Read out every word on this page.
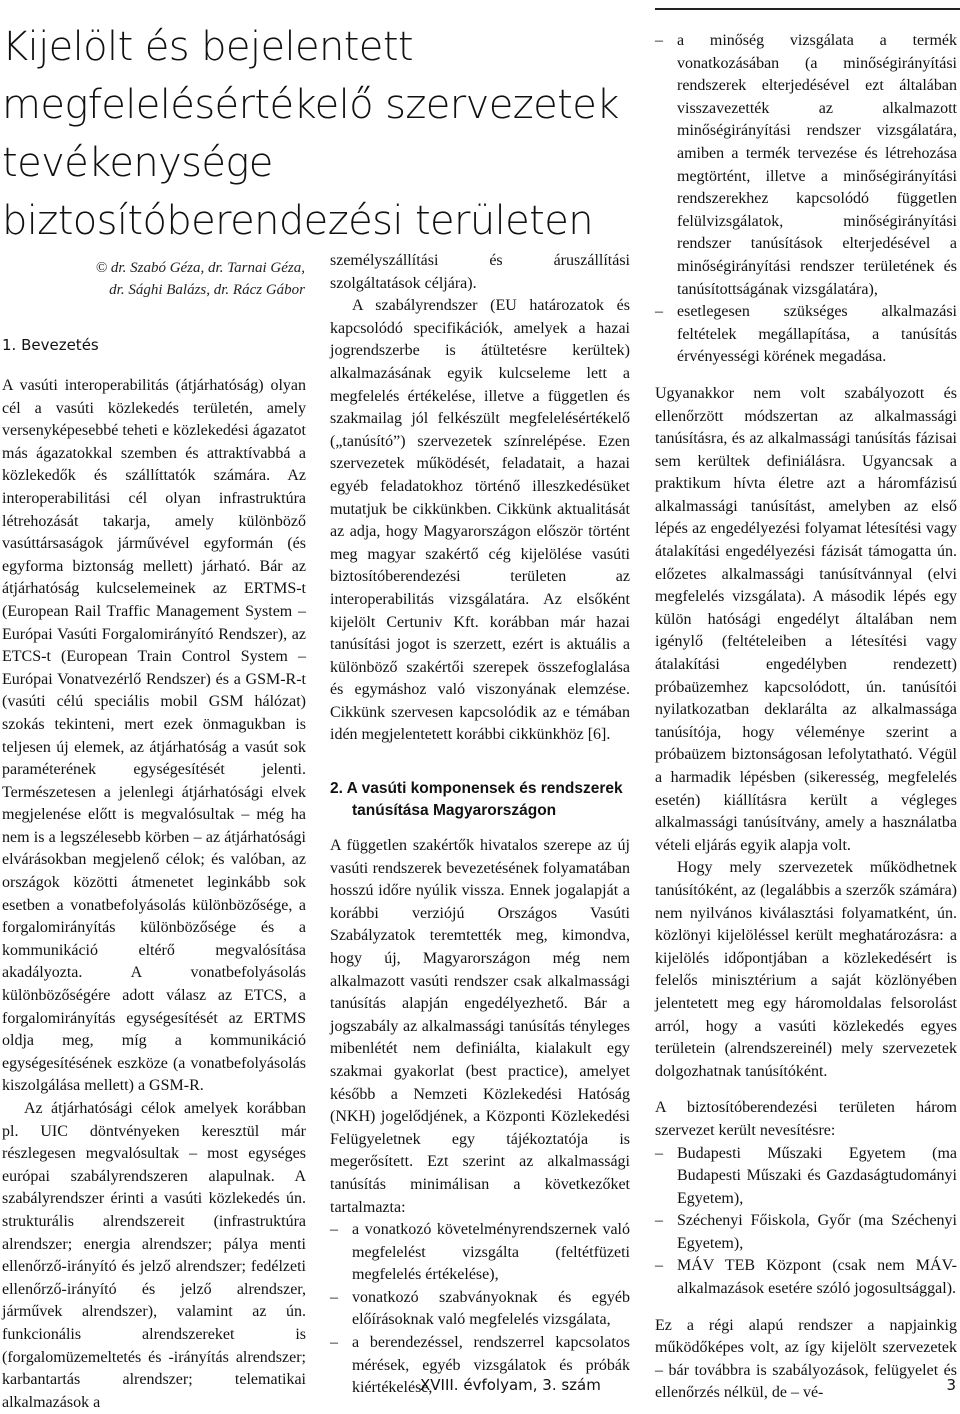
Kijelölt és bejelentett
megfelelésértékelő szervezetek
tevékenysége
biztosítóberendezési területen
© dr. Szabó Géza, dr. Tarnai Géza,
dr. Sághi Balázs, dr. Rácz Gábor
1. Bevezetés

A vasúti interoperabilitás (átjárhatóság) olyan cél a vasúti közlekedés területén, amely versenyképesebbé teheti e közlekedési ágazatot más ágazatokkal szemben és attraktívabbá a közlekedők és szállíttatók számára. Az interoperabilitási cél olyan infrastruktúra létrehozását takarja, amely különböző vasúttársaságok járművével egyformán (és egyforma biztonság mellett) járható. Bár az átjárhatóság kulcselemeinek az ERTMS-t (European Rail Traffic Management System – Európai Vasúti Forgalomirányító Rendszer), az ETCS-t (European Train Control System – Európai Vonatvezérlő Rendszer) és a GSM-R-t (vasúti célú speciális mobil GSM hálózat) szokás tekinteni, mert ezek önmagukban is teljesen új elemek, az átjárhatóság a vasút sok paraméterének egységesítését jelenti. Természetesen a jelenlegi átjárhatósági elvek megjelenése előtt is megvalósultak – még ha nem is a legszélesebb körben – az átjárhatósági elvárásokban megjelenő célok; és valóban, az országok közötti átmenetet leginkább sok esetben a vonatbefolyásolás különbözősége, a forgalomirányítás különbözősége és a kommunikáció eltérő megvalósítása akadályozta. A vonatbefolyásolás különbözőségére adott válasz az ETCS, a forgalomirányítás egységesítését az ERTMS oldja meg, míg a kommunikáció egységesítésének eszköze (a vonatbefolyásolás kiszolgálása mellett) a GSM-R.

Az átjárhatósági célok amelyek korábban pl. UIC döntvényeken keresztül már részlegesen megvalósultak – most egységes európai szabályrendszeren alapulnak. A szabályrendszer érinti a vasúti közlekedés ún. strukturális alrendszereit (infrastruktúra alrendszer; energia alrendszer; pálya menti ellenőrző-irányító és jelző alrendszer; fedélzeti ellenőrző-irányító és jelző alrendszer, járművek alrendszer), valamint az ún. funkcionális alrendszereket is (forgalomüzemeltetés és -irányítás alrendszer; karbantartás alrendszer; telematikai alkalmazások a

személyszállítási és áruszállítási szolgáltatások céljára).

A szabályrendszer (EU határozatok és kapcsolódó specifikációk, amelyek a hazai jogrendszerbe is átültetésre kerültek) alkalmazásának egyik kulcseleme lett a megfelelés értékelése, illetve a független és szakmailag jól felkészült megfelelésértékelő („tanúsító”) szervezetek színrelépése. Ezen szervezetek működését, feladatait, a hazai egyéb feladatokhoz történő illeszkedésüket mutatjuk be cikkünkben. Cikkünk aktualitását az adja, hogy Magyarországon először történt meg magyar szakértő cég kijelölése vasúti biztosítóberendezési területen az interoperabilitás vizsgálatára. Az elsőként kijelölt Certuniv Kft. korábban már hazai tanúsítási jogot is szerzett, ezért is aktuális a különböző szakértői szerepek összefoglalása és egymáshoz való viszonyának elemzése. Cikkünk szervesen kapcsolódik az e témában idén megjelentetett korábbi cikkünkhöz [6].

2. A vasúti komponensek és rendszerek
tanúsítása Magyarországon

A független szakértők hivatalos szerepe az új vasúti rendszerek bevezetésének folyamatában hosszú időre nyúlik vissza. Ennek jogalapját a korábbi verziójú Országos Vasúti Szabályzatok teremtették meg, kimondva, hogy új, Magyarországon még nem alkalmazott vasúti rendszer csak alkalmassági tanúsítás alapján engedélyezhető. Bár a jogszabály az alkalmassági tanúsítás tényleges mibenlétét nem definiálta, kialakult egy szakmai gyakorlat (best practice), amelyet később a Nemzeti Közlekedési Hatóság (NKH) jogelődjének, a Központi Közlekedési Felügyeletnek egy tájékoztatója is megerősített. Ezt szerint az alkalmassági tanúsítás minimálisan a következőket tartalmazta:

– a vonatkozó követelményrendszernek való megfelelést vizsgálta (feltétfüzeti megfelelés értékelése),
– vonatkozó szabványoknak és egyéb előírásoknak való megfelelés vizsgálata,
– a berendezéssel, rendszerrel kapcsolatos mérések, egyéb vizsgálatok és próbák kiértékelése,
– a minőség vizsgálata a termék vonatkozásában (a minőségirányítási rendszerek elterjedésével ezt általában visszavezették az alkalmazott minőségirányítási rendszer vizsgálatára, amiben a termék tervezése és létrehozása megtörtént, illetve a minőségirányítási rendszerekhez kapcsolódó független felülvizsgálatok, minőségirányítási rendszer tanúsítások elterjedésével a minőségirányítási rendszer területének és tanúsítottságának vizsgálatára),
– esetlegesen szükséges alkalmazási feltételek megállapítása, a tanúsítás érvényességi körének megadása.

Ugyanakkor nem volt szabályozott és ellenőrzött módszertan az alkalmassági tanúsításra, és az alkalmassági tanúsítás fázisai sem kerültek definiálásra. Ugyancsak a praktikum hívta életre azt a háromfázisú alkalmassági tanúsítást, amelyben az első lépés az engedélyezési folyamat létesítési vagy átalakítási engedélyezési fázisát támogatta ún. előzetes alkalmassági tanúsítvánnyal (elvi megfelelés vizsgálata). A második lépés egy külön hatósági engedélyt általában nem igénylő (feltételeiben a létesítési vagy átalakítási engedélyben rendezett) próbaüzemhez kapcsolódott, ún. tanúsítói nyilatkozatban deklarálta az alkalmassága tanúsítója, hogy véleménye szerint a próbaüzem biztonságosan lefolytatható. Végül a harmadik lépésben (sikeresség, megfelelés esetén) kiállításra került a végleges alkalmassági tanúsítvány, amely a használatba vételi eljárás egyik alapja volt.

Hogy mely szervezetek működhetnek tanúsítóként, az (legalábbis a szerzők számára) nem nyilvános kiválasztási folyamatként, ún. közlönyi kijelöléssel került meghatározásra: a kijelölés időpontjában a közlekedésért is felelős minisztérium a saját közlönyében jelentetett meg egy háromoldalas felsorolást arról, hogy a vasúti közlekedés egyes területein (alrendszereinél) mely szervezetek dolgozhatnak tanúsítóként.

A biztosítóberendezési területen három szervezet került nevesítésre:

– Budapesti Műszaki Egyetem (ma Budapesti Műszaki és Gazdaságtudományi Egyetem),
– Széchenyi Főiskola, Győr (ma Széchenyi Egyetem),
– MÁV TEB Központ (csak nem MÁV-alkalmazások esetére szóló jogosultsággal).

Ez a régi alapú rendszer a napjainkig működőképes volt, az így kijelölt szervezetek – bár továbbra is szabályozások, felügyelet és ellenőrzés nélkül, de – vé-

XVIII. évfolyam, 3. szám	3
